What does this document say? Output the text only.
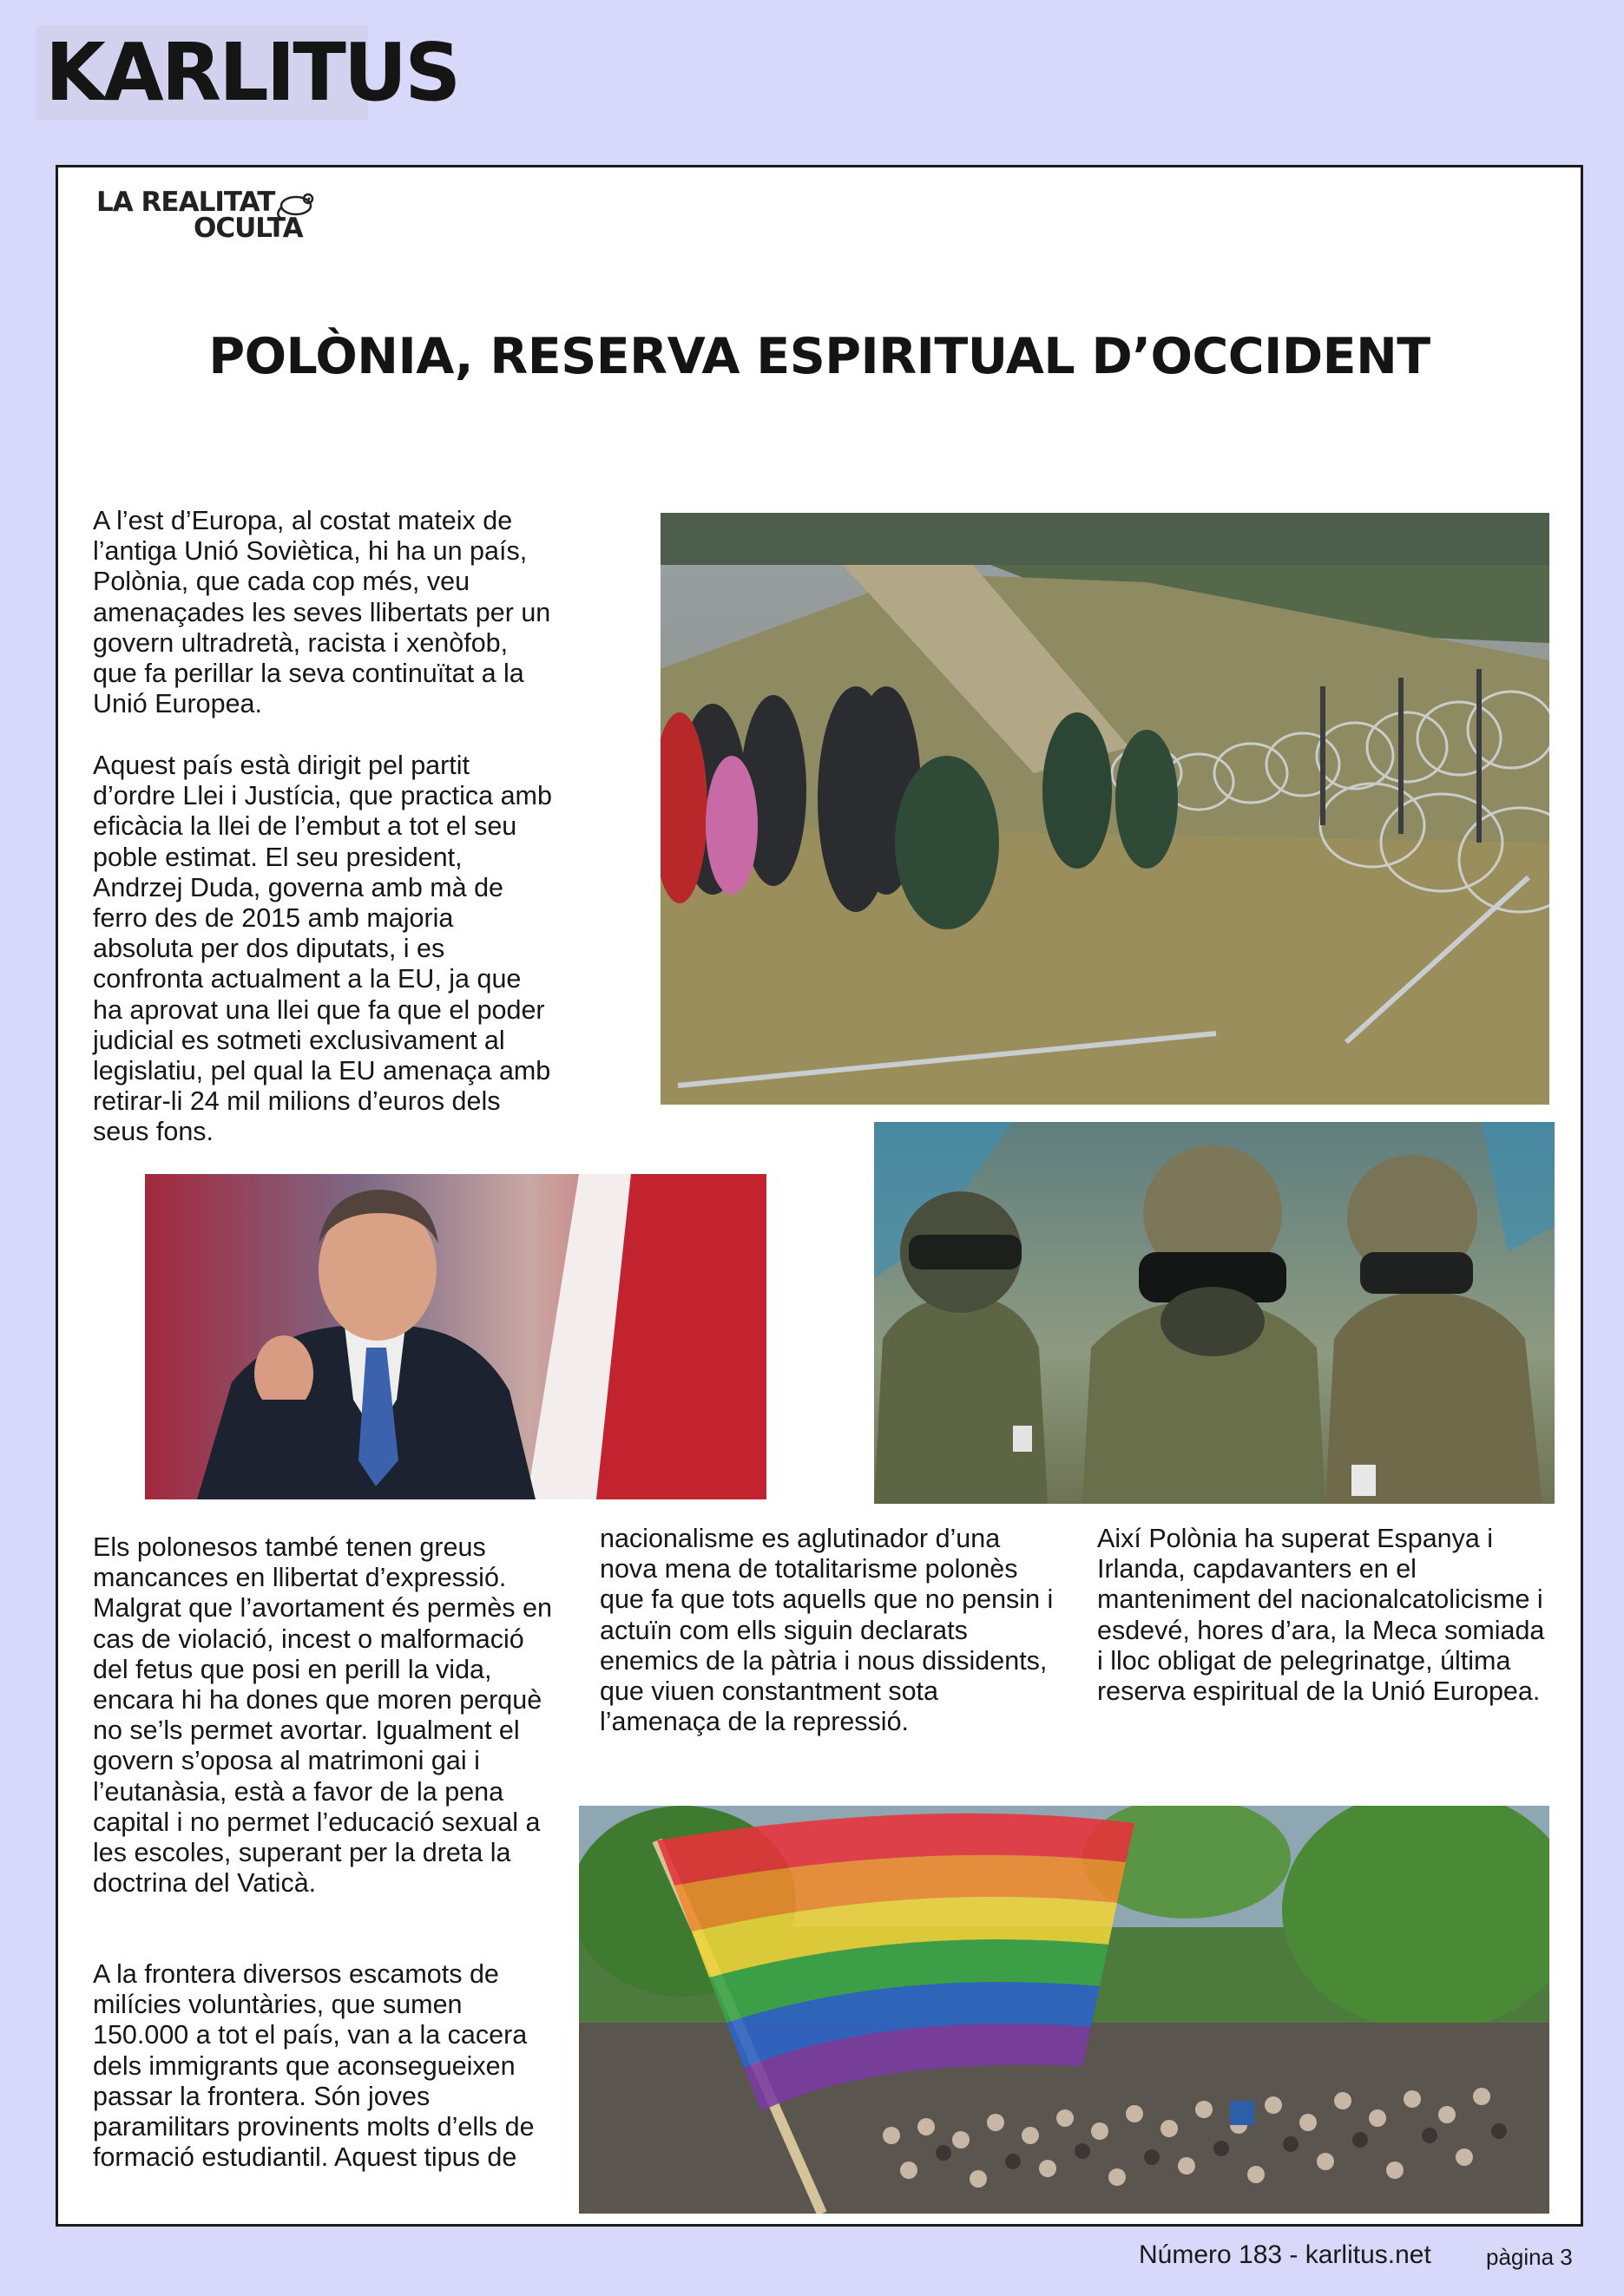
KARLITUS
LA REALITAT
OCULTA
POLÒNIA, RESERVA ESPIRITUAL D’OCCIDENT

A l’est d’Europa, al costat mateix de l’antiga Unió Soviètica, hi ha un país, Polònia, que cada cop més, veu amenaçades les seves llibertats per un govern ultradretà, racista i xenòfob, que fa perillar la seva continuïtat a la Unió Europea.

Aquest país està dirigit pel partit d’ordre Llei i Justícia, que practica amb eficàcia la llei de l’embut a tot el seu poble estimat. El seu president, Andrzej Duda, governa amb mà de ferro des de 2015 amb majoria absoluta per dos diputats, i es confronta actualment a la EU, ja que ha aprovat una llei que fa que el poder judicial es sotmeti exclusivament al legislatiu, pel qual la EU amenaça amb retirar-li 24 mil milions d’euros dels seus fons.

Els polonesos també tenen greus mancances en llibertat d’expressió. Malgrat que l’avortament és permès en cas de violació, incest o malformació del fetus que posi en perill la vida, encara hi ha dones que moren perquè no se’ls permet avortar. Igualment el govern s’oposa al matrimoni gai i l’eutanàsia, està a favor de la pena capital i no permet l’educació sexual a les escoles, superant per la dreta la doctrina del Vaticà.

A la frontera diversos escamots de milícies voluntàries, que sumen 150.000 a tot el país, van a la cacera dels immigrants que aconsegueixen passar la frontera. Són joves paramilitars provinents molts d’ells de formació estudiantil. Aquest tipus de

nacionalisme es aglutinador d’una nova mena de totalitarisme polonès que fa que tots aquells que no pensin i actuïn com ells siguin declarats enemics de la pàtria i nous dissidents, que viuen constantment sota l’amenaça de la repressió.

Així Polònia ha superat Espanya i Irlanda, capdavanters en el manteniment del nacionalcatolicisme i esdevé, hores d’ara, la Meca somiada i lloc obligat de pelegrinatge, última reserva espiritual de la Unió Europea.

Número 183 - karlitus.net pàgina 3
